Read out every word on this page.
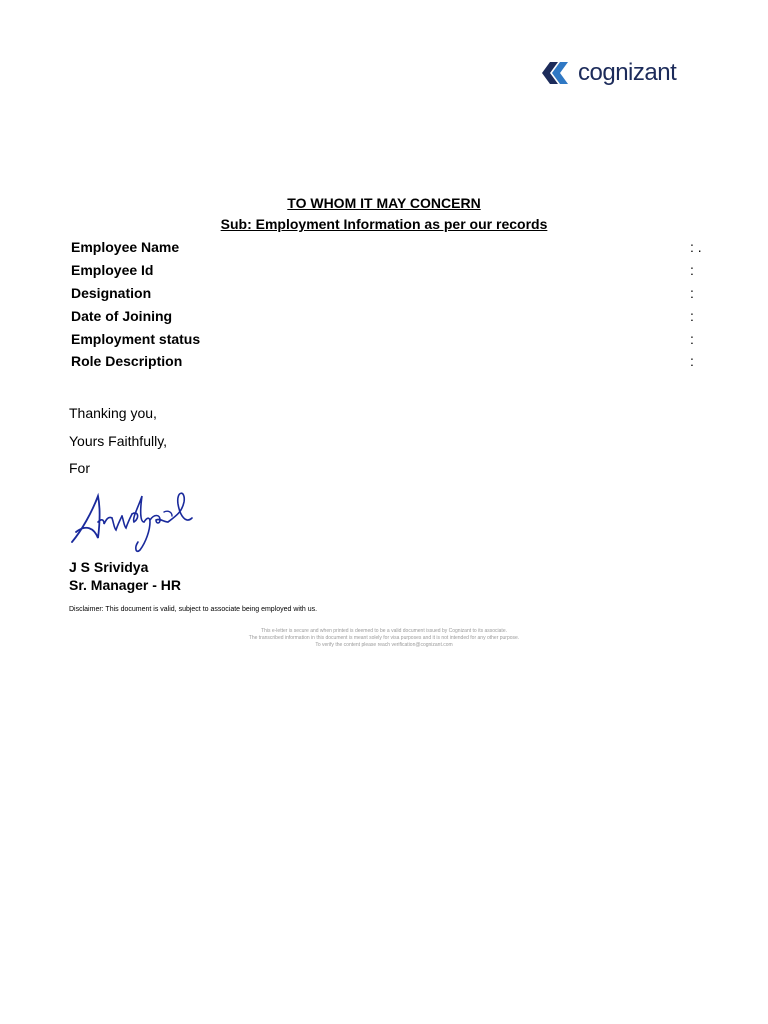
cognizant
TO WHOM IT MAY CONCERN
Sub: Employment Information as per our records
Employee Name	: .
Employee Id	:
Designation	:
Date of Joining	:
Employment status	:
Role Description	:
Thanking you,
Yours Faithfully,
For
J S Srividya
Sr. Manager - HR
Disclaimer: This document is valid, subject to associate being employed with us.
This e-letter is secure and when printed is deemed to be a valid document issued by Cognizant to its associate.
The transcribed information in this document is meant solely for visa purposes and it is not intended for any other purpose.
To verify the content please reach verification@cognizant.com
